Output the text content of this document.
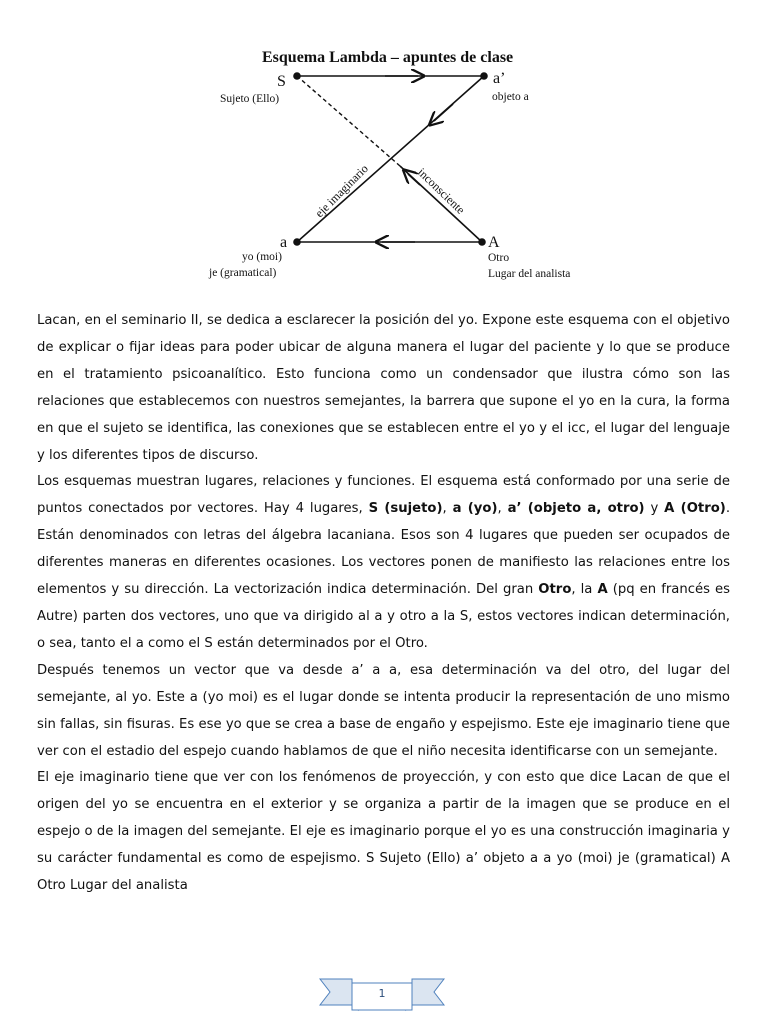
Esquema Lambda – apuntes de clase
S
Sujeto (Ello)
a’
objeto a
a
yo (moi)
je (gramatical)
A
Otro
Lugar del analista
eje imaginario	inconsciente

Lacan, en el seminario II, se dedica a esclarecer la posición del yo. Expone este esquema con el objetivo de explicar o fijar ideas para poder ubicar de alguna manera el lugar del paciente y lo que se produce en el tratamiento psicoanalítico. Esto funciona como un condensador que ilustra cómo son las relaciones que establecemos con nuestros semejantes, la barrera que supone el yo en la cura, la forma en que el sujeto se identifica, las conexiones que se establecen entre el yo y el icc, el lugar del lenguaje y los diferentes tipos de discurso.

Los esquemas muestran lugares, relaciones y funciones. El esquema está conformado por una serie de puntos conectados por vectores. Hay 4 lugares, S (sujeto), a (yo), a’ (objeto a, otro) y A (Otro). Están denominados con letras del álgebra lacaniana. Esos son 4 lugares que pueden ser ocupados de diferentes maneras en diferentes ocasiones. Los vectores ponen de manifiesto las relaciones entre los elementos y su dirección. La vectorización indica determinación. Del gran Otro, la A (pq en francés es Autre) parten dos vectores, uno que va dirigido al a y otro a la S, estos vectores indican determinación, o sea, tanto el a como el S están determinados por el Otro.

Después tenemos un vector que va desde a’ a a, esa determinación va del otro, del lugar del semejante, al yo. Este a (yo moi) es el lugar donde se intenta producir la representación de uno mismo sin fallas, sin fisuras. Es ese yo que se crea a base de engaño y espejismo. Este eje imaginario tiene que ver con el estadio del espejo cuando hablamos de que el niño necesita identificarse con un semejante.

El eje imaginario tiene que ver con los fenómenos de proyección, y con esto que dice Lacan de que el origen del yo se encuentra en el exterior y se organiza a partir de la imagen que se produce en el espejo o de la imagen del semejante. El eje es imaginario porque el yo es una construcción imaginaria y su carácter fundamental es como de espejismo. S Sujeto (Ello) a’ objeto a a yo (moi) je (gramatical) A Otro Lugar del analista

1
